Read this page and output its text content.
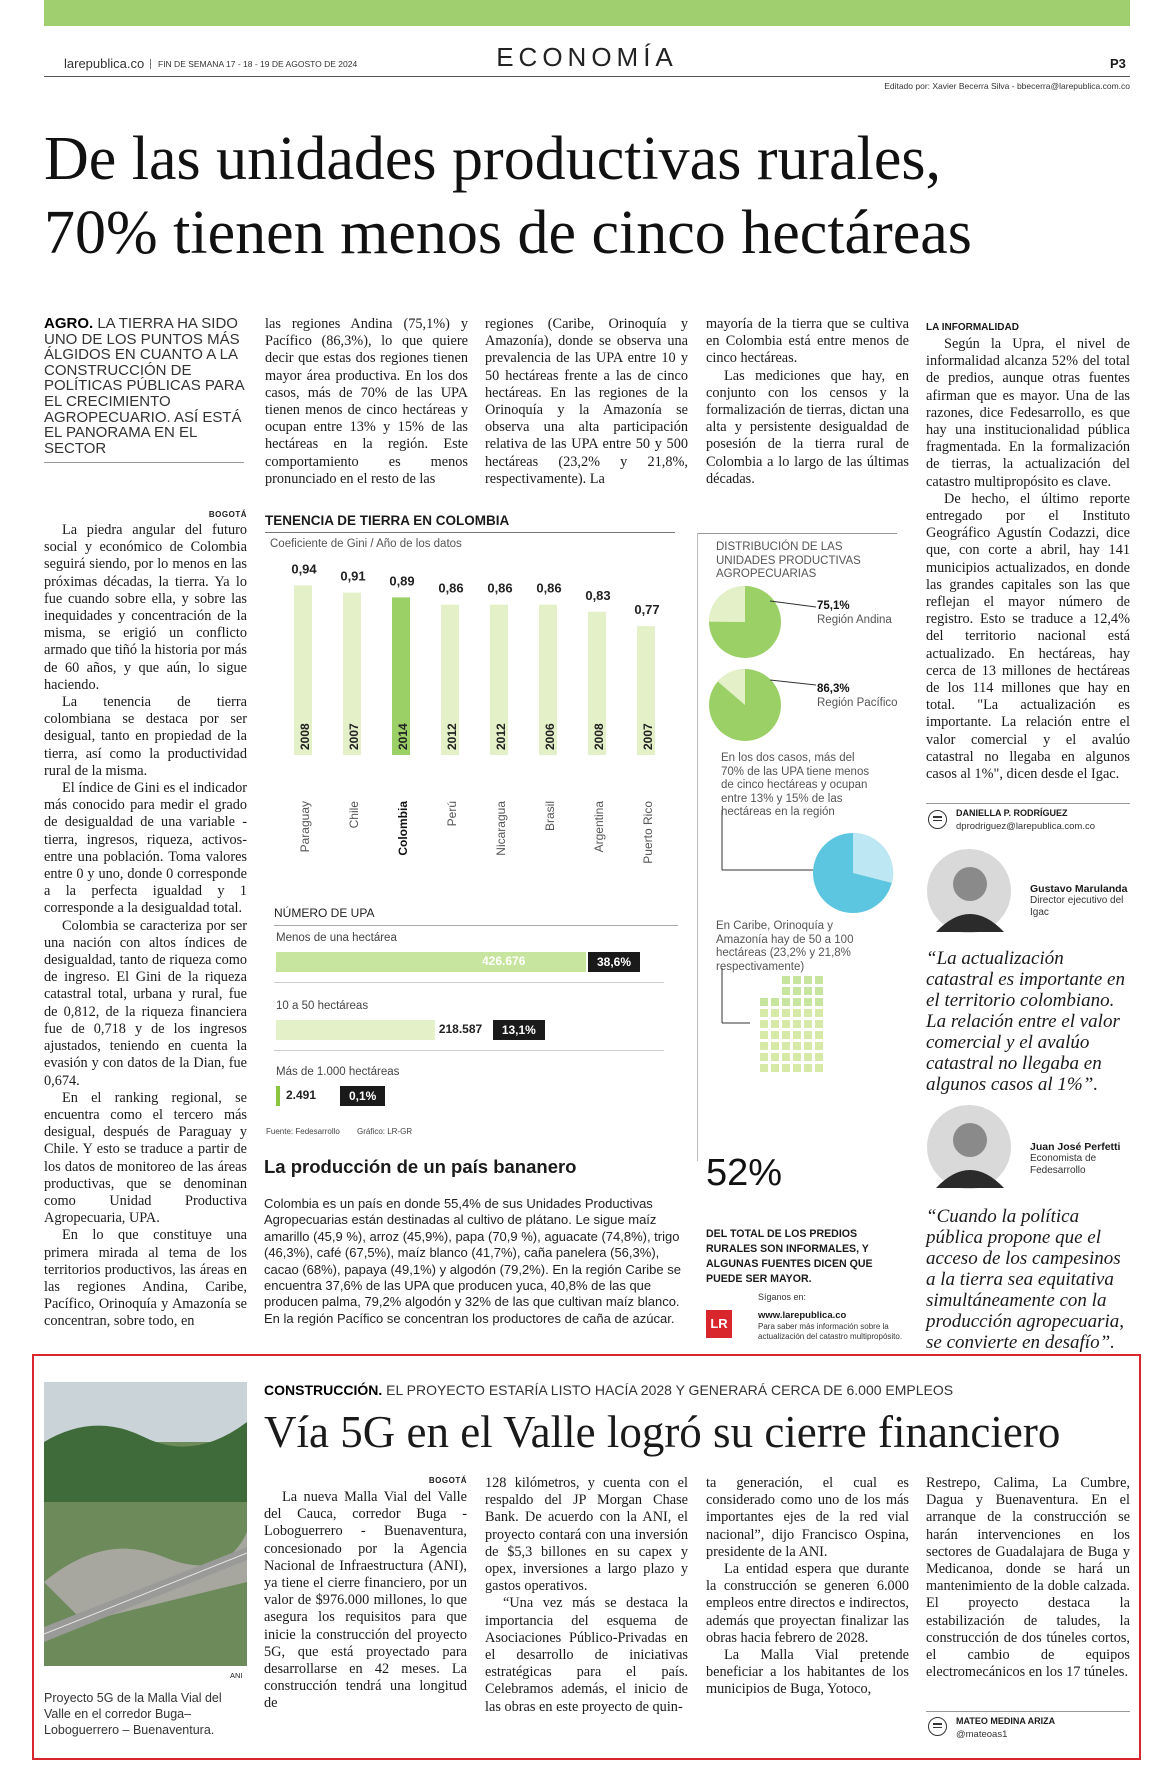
larepublica.co	FIN DE SEMANA 17 - 18 - 19 DE AGOSTO DE 2024	ECONOMÍA	P3
Editado por: Xavier Becerra Silva - bbecerra@larepublica.com.co
De las unidades productivas rurales,
70% tienen menos de cinco hectáreas
AGRO. LA TIERRA HA SIDO UNO DE LOS PUNTOS MÁS ÁLGIDOS EN CUANTO A LA CONSTRUCCIÓN DE POLÍTICAS PÚBLICAS PARA EL CRECIMIENTO AGROPECUARIO. ASÍ ESTÁ EL PANORAMA EN EL SECTOR
BOGOTÁ

La piedra angular del futuro social y económico de Colombia seguirá siendo, por lo menos en las próximas décadas, la tierra. Ya lo fue cuando sobre ella, y sobre las inequidades y concentración de la misma, se erigió un conflicto armado que tiñó la historia por más de 60 años, y que aún, lo sigue haciendo.

La tenencia de tierra colombiana se destaca por ser desigual, tanto en propiedad de la tierra, así como la productividad rural de la misma.

El índice de Gini es el indicador más conocido para medir el grado de desigualdad de una variable -tierra, ingresos, riqueza, activos- entre una población. Toma valores entre 0 y uno, donde 0 corresponde a la perfecta igualdad y 1 corresponde a la desigualdad total.

Colombia se caracteriza por ser una nación con altos índices de desigualdad, tanto de riqueza como de ingreso. El Gini de la riqueza catastral total, urbana y rural, fue de 0,812, de la riqueza financiera fue de 0,718 y de los ingresos ajustados, teniendo en cuenta la evasión y con datos de la Dian, fue 0,674.

En el ranking regional, se encuentra como el tercero más desigual, después de Paraguay y Chile. Y esto se traduce a partir de los datos de monitoreo de las áreas productivas, que se denominan como Unidad Productiva Agropecuaria, UPA.

En lo que constituye una primera mirada al tema de los territorios productivos, las áreas en las regiones Andina, Caribe, Pacífico, Orinoquía y Amazonía se concentran, sobre todo, en

las regiones Andina (75,1%) y Pacífico (86,3%), lo que quiere decir que estas dos regiones tienen mayor área productiva. En los dos casos, más de 70% de las UPA tienen menos de cinco hectáreas y ocupan entre 13% y 15% de las hectáreas en la región. Este comportamiento es menos pronunciado en el resto de las

regiones (Caribe, Orinoquía y Amazonía), donde se observa una prevalencia de las UPA entre 10 y 50 hectáreas frente a las de cinco hectáreas. En las regiones de la Orinoquía y la Amazonía se observa una alta participación relativa de las UPA entre 50 y 500 hectáreas (23,2% y 21,8%, respectivamente). La

mayoría de la tierra que se cultiva en Colombia está entre menos de cinco hectáreas.

Las mediciones que hay, en conjunto con los censos y la formalización de tierras, dictan una alta y persistente desigualdad de posesión de la tierra rural de Colombia a lo largo de las últimas décadas.

TENENCIA DE TIERRA EN COLOMBIA
Coeficiente de Gini / Año de los datos
0,94
2008
Paraguay
0,91
2007
Chile
0,89
2014
Colombia
0,86
2012
Perú
0,86
2012
Nicaragua
0,86
2006
Brasil
0,83
2008
Argentina
0,77
2007
Puerto Rico
NÚMERO DE UPA
Menos de una hectárea
426.676	38,6%
10 a 50 hectáreas
218.587	13,1%
Más de 1.000 hectáreas
2.491	0,1%
Fuente: Fedesarrollo Gráfico: LR-GR
DISTRIBUCIÓN DE LAS UNIDADES PRODUCTIVAS AGROPECUARIAS
75,1%
Región Andina
86,3%
Región Pacífico
En los dos casos, más del 70% de las UPA tiene menos de cinco hectáreas y ocupan entre 13% y 15% de las hectáreas en la región
En Caribe, Orinoquía y Amazonía hay de 50 a 100 hectáreas (23,2% y 21,8% respectivamente)
52%
DEL TOTAL DE LOS PREDIOS RURALES SON INFORMALES, Y ALGUNAS FUENTES DICEN QUE PUEDE SER MAYOR.
LR
Síganos en:
www.larepublica.co
Para saber más información sobre la actualización del catastro multipropósito.
La producción de un país bananero
Colombia es un país en donde 55,4% de sus Unidades Productivas Agropecuarias están destinadas al cultivo de plátano. Le sigue maíz amarillo (45,9 %), arroz (45,9%), papa (70,9 %), aguacate (74,8%), trigo (46,3%), café (67,5%), maíz blanco (41,7%), caña panelera (56,3%), cacao (68%), papaya (49,1%) y algodón (79,2%). En la región Caribe se encuentra 37,6% de las UPA que producen yuca, 40,8% de las que producen palma, 79,2% algodón y 32% de las que cultivan maíz blanco. En la región Pacífico se concentran los productores de caña de azúcar.
LA INFORMALIDAD

Según la Upra, el nivel de informalidad alcanza 52% del total de predios, aunque otras fuentes afirman que es mayor. Una de las razones, dice Fedesarrollo, es que hay una institucionalidad pública fragmentada. En la formalización de tierras, la actualización del catastro multipropósito es clave.

De hecho, el último reporte entregado por el Instituto Geográfico Agustín Codazzi, dice que, con corte a abril, hay 141 municipios actualizados, en donde las grandes capitales son las que reflejan el mayor número de registro. Esto se traduce a 12,4% del territorio nacional está actualizado. En hectáreas, hay cerca de 13 millones de hectáreas de los 114 millones que hay en total. "La actualización es importante. La relación entre el valor comercial y el avalúo catastral no llegaba en algunos casos al 1%", dicen desde el Igac.

DANIELLA P. RODRÍGUEZ
dprodriguez@larepublica.com.co
Gustavo Marulanda
Director ejecutivo del Igac
“La actualización catastral es importante en el territorio colombiano. La relación entre el valor comercial y el avalúo catastral no llegaba en algunos casos al 1%”.
Juan José Perfetti
Economista de Fedesarrollo
“Cuando la política pública propone que el acceso de los campesinos a la tierra sea equitativa simultáneamente con la producción agropecuaria, se convierte en desafío”.
ANI
Proyecto 5G de la Malla Vial del Valle en el corredor Buga– Loboguerrero – Buenaventura.
CONSTRUCCIÓN. EL PROYECTO ESTARÍA LISTO HACÍA 2028 Y GENERARÁ CERCA DE 6.000 EMPLEOS
Vía 5G en el Valle logró su cierre financiero
BOGOTÁ

La nueva Malla Vial del Valle del Cauca, corredor Buga - Loboguerrero - Buenaventura, concesionado por la Agencia Nacional de Infraestructura (ANI), ya tiene el cierre financiero, por un valor de $976.000 millones, lo que asegura los requisitos para que inicie la construcción del proyecto 5G, que está proyectado para desarrollarse en 42 meses. La construcción tendrá una longitud de

128 kilómetros, y cuenta con el respaldo del JP Morgan Chase Bank. De acuerdo con la ANI, el proyecto contará con una inversión de $5,3 billones en su capex y opex, inversiones a largo plazo y gastos operativos.

“Una vez más se destaca la importancia del esquema de Asociaciones Público-Privadas en el desarrollo de iniciativas estratégicas para el país. Celebramos además, el inicio de las obras en este proyecto de quin-

ta generación, el cual es considerado como uno de los más importantes ejes de la red vial nacional”, dijo Francisco Ospina, presidente de la ANI.

La entidad espera que durante la construcción se generen 6.000 empleos entre directos e indirectos, además que proyectan finalizar las obras hacia febrero de 2028.

La Malla Vial pretende beneficiar a los habitantes de los municipios de Buga, Yotoco,

Restrepo, Calima, La Cumbre, Dagua y Buenaventura. En el arranque de la construcción se harán intervenciones en los sectores de Guadalajara de Buga y Medicanoa, donde se hará un mantenimiento de la doble calzada. El proyecto destaca la estabilización de taludes, la construcción de dos túneles cortos, el cambio de equipos electromecánicos en los 17 túneles.

MATEO MEDINA ARIZA
@mateoas1
